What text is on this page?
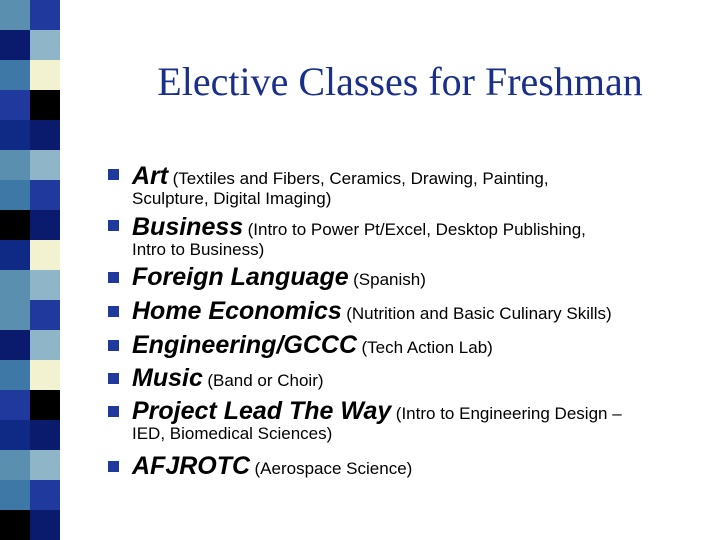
Elective Classes for Freshman
Art (Textiles and Fibers, Ceramics, Drawing, Painting,
Sculpture, Digital Imaging)
Business (Intro to Power Pt/Excel, Desktop Publishing,
Intro to Business)
Foreign Language (Spanish)
Home Economics (Nutrition and Basic Culinary Skills)
Engineering/GCCC (Tech Action Lab)
Music (Band or Choir)
Project Lead The Way (Intro to Engineering Design –
IED, Biomedical Sciences)
AFJROTC (Aerospace Science)
